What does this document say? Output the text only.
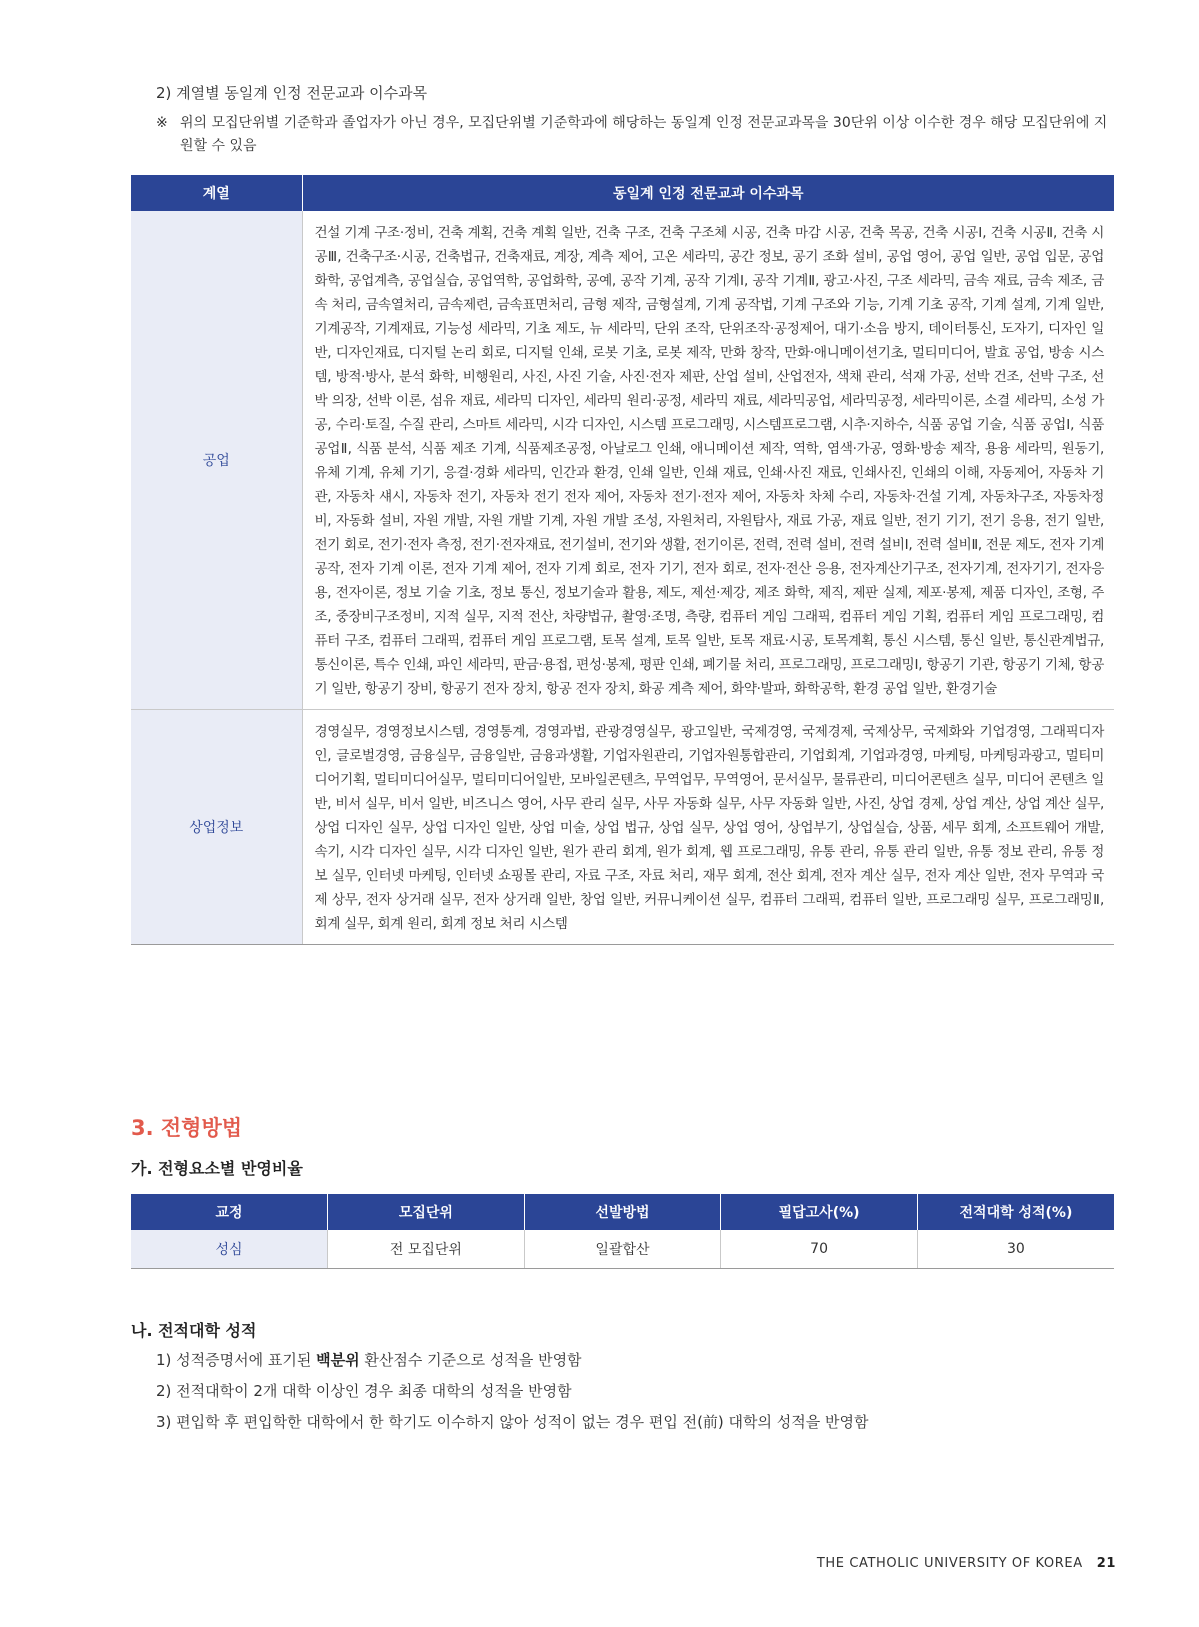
2) 계열별 동일계 인정 전문교과 이수과목
※ 위의 모집단위별 기준학과 졸업자가 아닌 경우, 모집단위별 기준학과에 해당하는 동일계 인정 전문교과목을 30단위 이상 이수한 경우 해당 모집단위에 지원할 수 있음
계열	동일계 인정 전문교과 이수과목
공업	건설 기계 구조·정비, 건축 계획, 건축 계획 일반, 건축 구조, 건축 구조체 시공, 건축 마감 시공, 건축 목공, 건축 시공Ⅰ, 건축 시공Ⅱ, 건축 시공Ⅲ, 건축구조·시공, 건축법규, 건축재료, 계장, 계측 제어, 고온 세라믹, 공간 정보, 공기 조화 설비, 공업 영어, 공업 일반, 공업 입문, 공업 화학, 공업계측, 공업실습, 공업역학, 공업화학, 공예, 공작 기계, 공작 기계Ⅰ, 공작 기계Ⅱ, 광고·사진, 구조 세라믹, 금속 재료, 금속 제조, 금속 처리, 금속열처리, 금속제련, 금속표면처리, 금형 제작, 금형설계, 기계 공작법, 기계 구조와 기능, 기계 기초 공작, 기계 설계, 기계 일반, 기계공작, 기계재료, 기능성 세라믹, 기초 제도, 뉴 세라믹, 단위 조작, 단위조작·공정제어, 대기·소음 방지, 데이터통신, 도자기, 디자인 일반, 디자인재료, 디지털 논리 회로, 디지털 인쇄, 로봇 기초, 로봇 제작, 만화 창작, 만화·애니메이션기초, 멀티미디어, 발효 공업, 방송 시스템, 방적·방사, 분석 화학, 비행원리, 사진, 사진 기술, 사진·전자 제판, 산업 설비, 산업전자, 색채 관리, 석재 가공, 선박 건조, 선박 구조, 선박 의장, 선박 이론, 섬유 재료, 세라믹 디자인, 세라믹 원리·공정, 세라믹 재료, 세라믹공업, 세라믹공정, 세라믹이론, 소결 세라믹, 소성 가공, 수리·토질, 수질 관리, 스마트 세라믹, 시각 디자인, 시스템 프로그래밍, 시스템프로그램, 시추·지하수, 식품 공업 기술, 식품 공업Ⅰ, 식품 공업Ⅱ, 식품 분석, 식품 제조 기계, 식품제조공정, 아날로그 인쇄, 애니메이션 제작, 역학, 염색·가공, 영화·방송 제작, 용융 세라믹, 원동기, 유체 기계, 유체 기기, 응결·경화 세라믹, 인간과 환경, 인쇄 일반, 인쇄 재료, 인쇄·사진 재료, 인쇄사진, 인쇄의 이해, 자동제어, 자동차 기관, 자동차 섀시, 자동차 전기, 자동차 전기 전자 제어, 자동차 전기·전자 제어, 자동차 차체 수리, 자동차·건설 기계, 자동차구조, 자동차정비, 자동화 설비, 자원 개발, 자원 개발 기계, 자원 개발 조성, 자원처리, 자원탐사, 재료 가공, 재료 일반, 전기 기기, 전기 응용, 전기 일반, 전기 회로, 전기·전자 측정, 전기·전자재료, 전기설비, 전기와 생활, 전기이론, 전력, 전력 설비, 전력 설비Ⅰ, 전력 설비Ⅱ, 전문 제도, 전자 기계 공작, 전자 기계 이론, 전자 기계 제어, 전자 기계 회로, 전자 기기, 전자 회로, 전자·전산 응용, 전자계산기구조, 전자기계, 전자기기, 전자응용, 전자이론, 정보 기술 기초, 정보 통신, 정보기술과 활용, 제도, 제선·제강, 제조 화학, 제직, 제판 실제, 제포·봉제, 제품 디자인, 조형, 주조, 중장비구조정비, 지적 실무, 지적 전산, 차량법규, 촬영·조명, 측량, 컴퓨터 게임 그래픽, 컴퓨터 게임 기획, 컴퓨터 게임 프로그래밍, 컴퓨터 구조, 컴퓨터 그래픽, 컴퓨터 게임 프로그램, 토목 설계, 토목 일반, 토목 재료·시공, 토목계획, 통신 시스템, 통신 일반, 통신관계법규, 통신이론, 특수 인쇄, 파인 세라믹, 판금·용접, 편성·봉제, 평판 인쇄, 폐기물 처리, 프로그래밍, 프로그래밍Ⅰ, 항공기 기관, 항공기 기체, 항공기 일반, 항공기 장비, 항공기 전자 장치, 항공 전자 장치, 화공 계측 제어, 화약·발파, 화학공학, 환경 공업 일반, 환경기술
상업정보	경영실무, 경영정보시스템, 경영통계, 경영과법, 관광경영실무, 광고일반, 국제경영, 국제경제, 국제상무, 국제화와 기업경영, 그래픽디자인, 글로벌경영, 금융실무, 금융일반, 금융과생활, 기업자원관리, 기업자원통합관리, 기업회계, 기업과경영, 마케팅, 마케팅과광고, 멀티미디어기획, 멀티미디어실무, 멀티미디어일반, 모바일콘텐츠, 무역업무, 무역영어, 문서실무, 물류관리, 미디어콘텐츠 실무, 미디어 콘텐츠 일반, 비서 실무, 비서 일반, 비즈니스 영어, 사무 관리 실무, 사무 자동화 실무, 사무 자동화 일반, 사진, 상업 경제, 상업 계산, 상업 계산 실무, 상업 디자인 실무, 상업 디자인 일반, 상업 미술, 상업 법규, 상업 실무, 상업 영어, 상업부기, 상업실습, 상품, 세무 회계, 소프트웨어 개발, 속기, 시각 디자인 실무, 시각 디자인 일반, 원가 관리 회계, 원가 회계, 웹 프로그래밍, 유통 관리, 유통 관리 일반, 유통 정보 관리, 유통 정보 실무, 인터넷 마케팅, 인터넷 쇼핑몰 관리, 자료 구조, 자료 처리, 재무 회계, 전산 회계, 전자 계산 실무, 전자 계산 일반, 전자 무역과 국제 상무, 전자 상거래 실무, 전자 상거래 일반, 창업 일반, 커뮤니케이션 실무, 컴퓨터 그래픽, 컴퓨터 일반, 프로그래밍 실무, 프로그래밍Ⅱ, 회계 실무, 회계 원리, 회계 정보 처리 시스템
3. 전형방법
가. 전형요소별 반영비율
교정	모집단위	선발방법	필답고사(%)	전적대학 성적(%)
성심	전 모집단위	일괄합산	70	30
나. 전적대학 성적
1) 성적증명서에 표기된 백분위 환산점수 기준으로 성적을 반영함
2) 전적대학이 2개 대학 이상인 경우 최종 대학의 성적을 반영함
3) 편입학 후 편입학한 대학에서 한 학기도 이수하지 않아 성적이 없는 경우 편입 전(前) 대학의 성적을 반영함
THE CATHOLIC UNIVERSITY OF KOREA 21
